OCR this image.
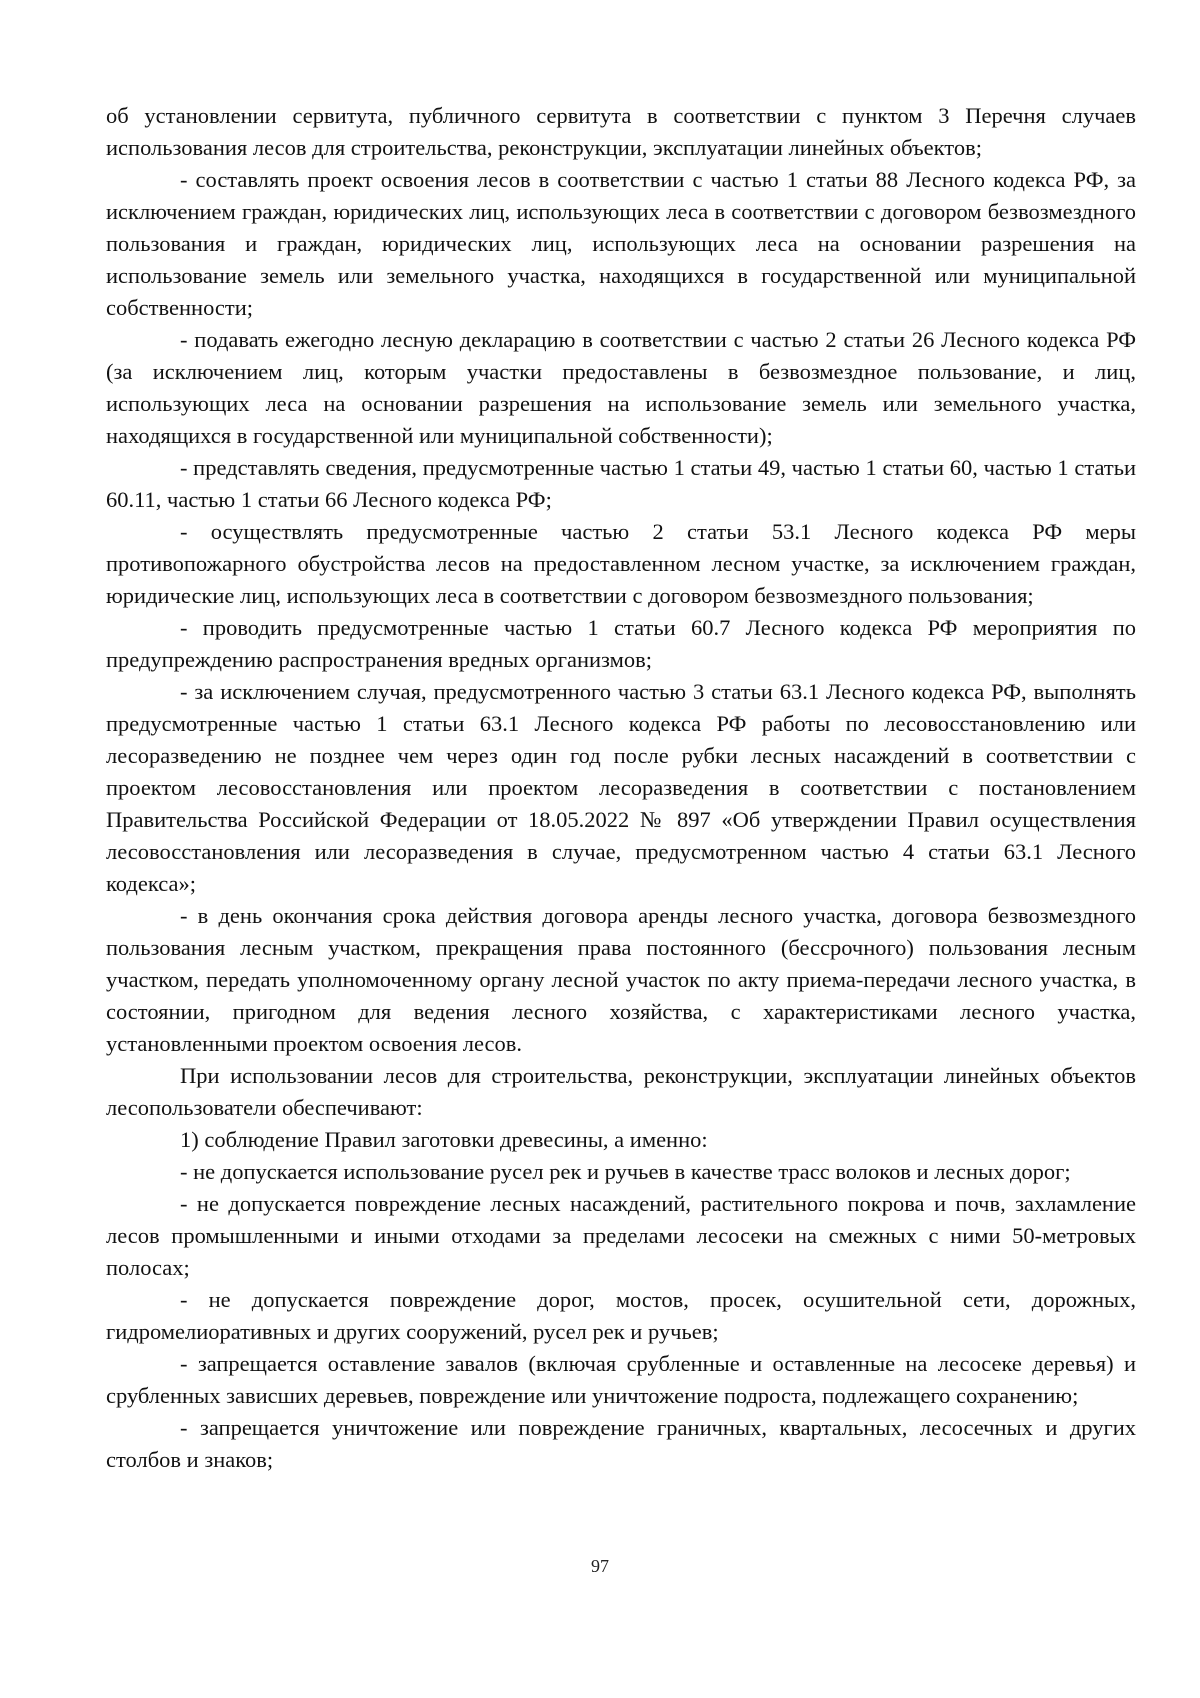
об установлении сервитута, публичного сервитута в соответствии с пунктом 3 Перечня случаев использования лесов для строительства, реконструкции, эксплуатации линейных объектов;

- составлять проект освоения лесов в соответствии с частью 1 статьи 88 Лесного кодекса РФ, за исключением граждан, юридических лиц, использующих леса в соответствии с договором безвозмездного пользования и граждан, юридических лиц, использующих леса на основании разрешения на использование земель или земельного участка, находящихся в государственной или муниципальной собственности;

- подавать ежегодно лесную декларацию в соответствии с частью 2 статьи 26 Лесного кодекса РФ (за исключением лиц, которым участки предоставлены в безвозмездное пользование, и лиц, использующих леса на основании разрешения на использование земель или земельного участка, находящихся в государственной или муниципальной собственности);

- представлять сведения, предусмотренные частью 1 статьи 49, частью 1 статьи 60, частью 1 статьи 60.11, частью 1 статьи 66 Лесного кодекса РФ;

- осуществлять предусмотренные частью 2 статьи 53.1 Лесного кодекса РФ меры противопожарного обустройства лесов на предоставленном лесном участке, за исключением граждан, юридические лиц, использующих леса в соответствии с договором безвозмездного пользования;

- проводить предусмотренные частью 1 статьи 60.7 Лесного кодекса РФ мероприятия по предупреждению распространения вредных организмов;

- за исключением случая, предусмотренного частью 3 статьи 63.1 Лесного кодекса РФ, выполнять предусмотренные частью 1 статьи 63.1 Лесного кодекса РФ работы по лесовосстановлению или лесоразведению не позднее чем через один год после рубки лесных насаждений в соответствии с проектом лесовосстановления или проектом лесоразведения в соответствии с постановлением Правительства Российской Федерации от 18.05.2022 № 897 «Об утверждении Правил осуществления лесовосстановления или лесоразведения в случае, предусмотренном частью 4 статьи 63.1 Лесного кодекса»;

- в день окончания срока действия договора аренды лесного участка, договора безвозмездного пользования лесным участком, прекращения права постоянного (бессрочного) пользования лесным участком, передать уполномоченному органу лесной участок по акту приема-передачи лесного участка, в состоянии, пригодном для ведения лесного хозяйства, с характеристиками лесного участка, установленными проектом освоения лесов.

При использовании лесов для строительства, реконструкции, эксплуатации линейных объектов лесопользователи обеспечивают:

1) соблюдение Правил заготовки древесины, а именно:

- не допускается использование русел рек и ручьев в качестве трасс волоков и лесных дорог;

- не допускается повреждение лесных насаждений, растительного покрова и почв, захламление лесов промышленными и иными отходами за пределами лесосеки на смежных с ними 50-метровых полосах;

- не допускается повреждение дорог, мостов, просек, осушительной сети, дорожных, гидромелиоративных и других сооружений, русел рек и ручьев;

- запрещается оставление завалов (включая срубленные и оставленные на лесосеке деревья) и срубленных зависших деревьев, повреждение или уничтожение подроста, подлежащего сохранению;

- запрещается уничтожение или повреждение граничных, квартальных, лесосечных и других столбов и знаков;

97
